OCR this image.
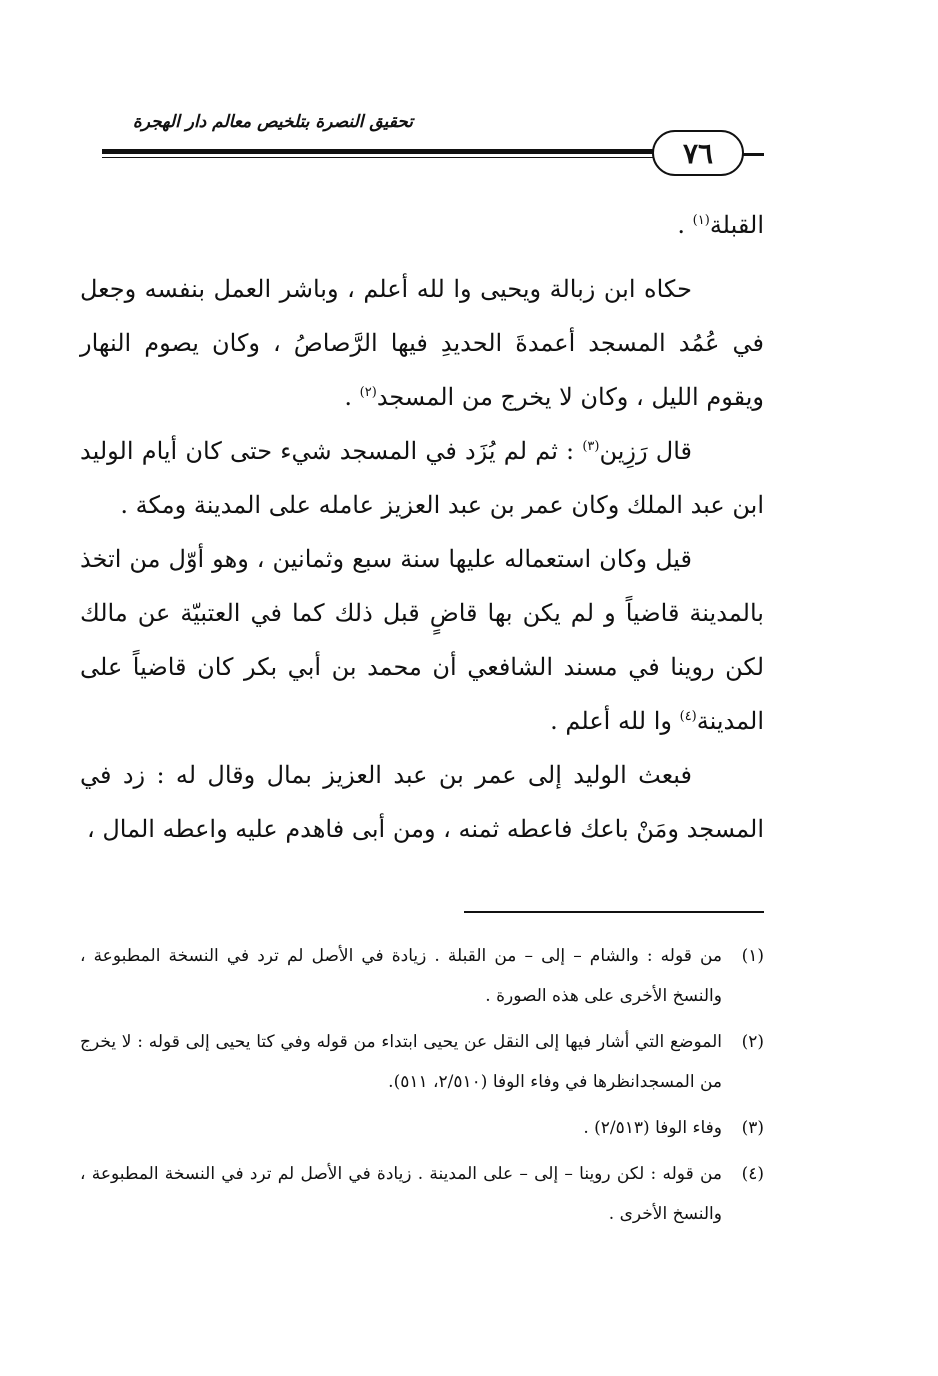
تحقيق النصرة بتلخيص معالم دار الهجرة
٧٦

القبلة$^{(١)}$ .

حكاه ابن زبالة ويحيى وا لله أعلم ، وباشر العمل بنفسه وجعل في عُمُد المسجد أعمدةَ الحديدِ فيها الرَّصاصُ ، وكان يصوم النهار ويقوم الليل ، وكان لا يخرج من المسجد$^{(٢)}$ .

قال رَزِين$^{(٣)}$ : ثم لم يُزَد في المسجد شيء حتى كان أيام الوليد ابن عبد الملك وكان عمر بن عبد العزيز عامله على المدينة ومكة .

قيل وكان استعماله عليها سنة سبع وثمانين ، وهو أوّل من اتخذ بالمدينة قاضياً و لم يكن بها قاضٍ قبل ذلك كما في العتبيّة عن مالك لكن روينا في مسند الشافعي أن محمد بن أبي بكر كان قاضياً على المدينة$^{(٤)}$ وا لله أعلم .

فبعث الوليد إلى عمر بن عبد العزيز بمال وقال له : زد في المسجد ومَنْ باعك فاعطه ثمنه ، ومن أبى فاهدم عليه واعطه المال ،

(١)
من قوله : والشام – إلى – من القبلة . زيادة في الأصل لم ترد في النسخة المطبوعة ، والنسخ الأخرى على هذه الصورة .
(٢)
الموضع التي أشار فيها إلى النقل عن يحيى ابتداء من قوله وفي كتا يحيى إلى قوله : لا يخرج من المسجدانظرها في وفاء الوفا (٢/٥١٠، ٥١١).
(٣)
وفاء الوفا (٢/٥١٣) .
(٤)
من قوله : لكن روينا – إلى – على المدينة . زيادة في الأصل لم ترد في النسخة المطبوعة ، والنسخ الأخرى .
